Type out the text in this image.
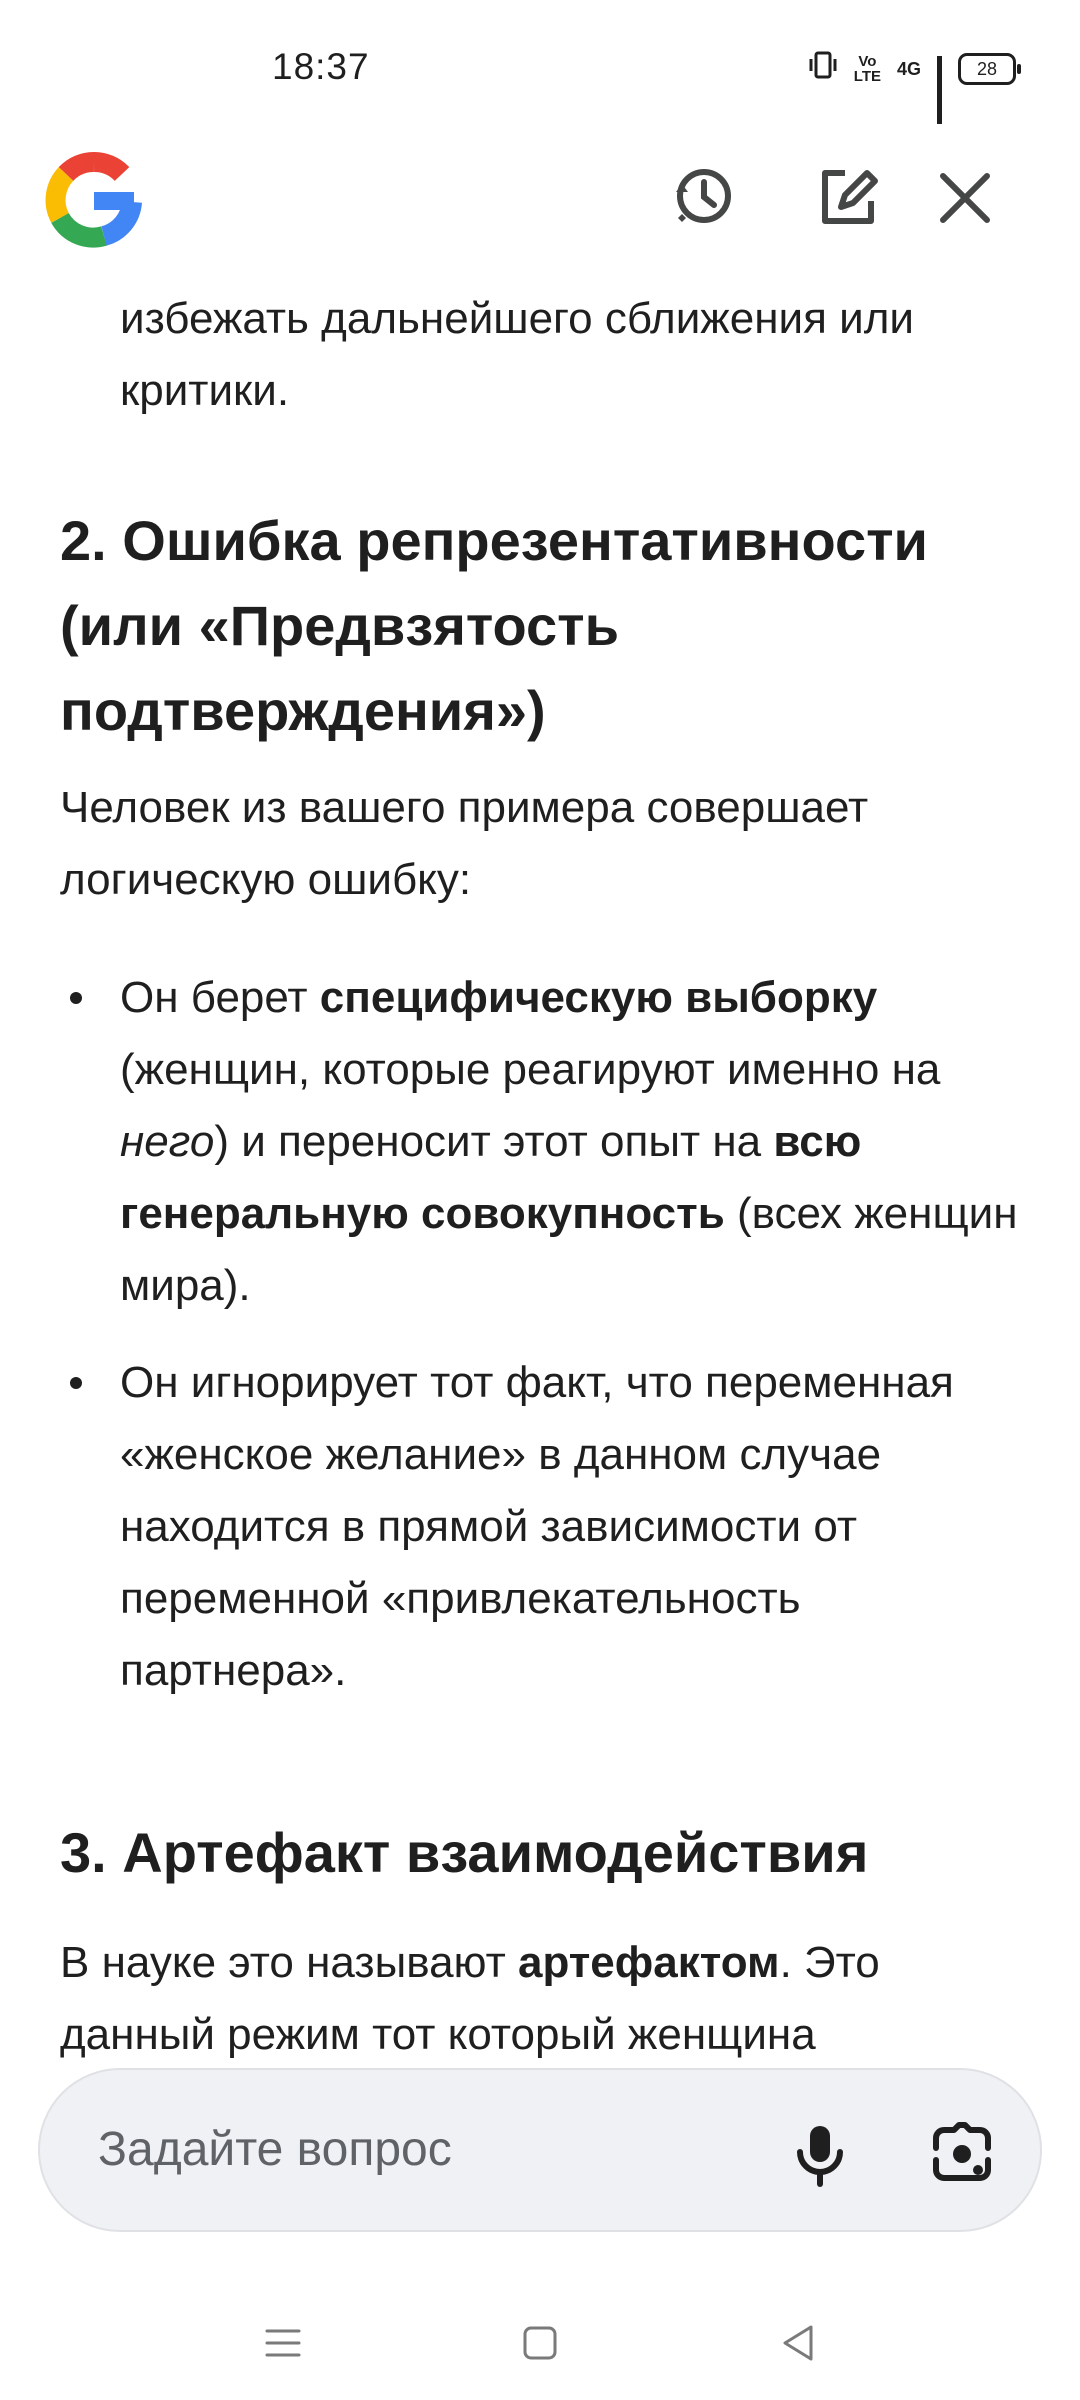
18:37	Vo
LTE 4G	28
избежать дальнейшего сближения или критики.
2. Ошибка репрезентативности (или «Предвзятость подтверждения»)

Человек из вашего примера совершает логическую ошибку:

Он берет специфическую выборку (женщин, которые реагируют именно на него) и переносит этот опыт на всю генеральную совокупность (всех женщин мира).
Он игнорирует тот факт, что переменная «женское желание» в данном случае находится в прямой зависимости от переменной «привлекательность партнера».
3. Артефакт взаимодействия

В науке это называют артефактом. Это
данный режим тот который женщина

Задайте вопрос
